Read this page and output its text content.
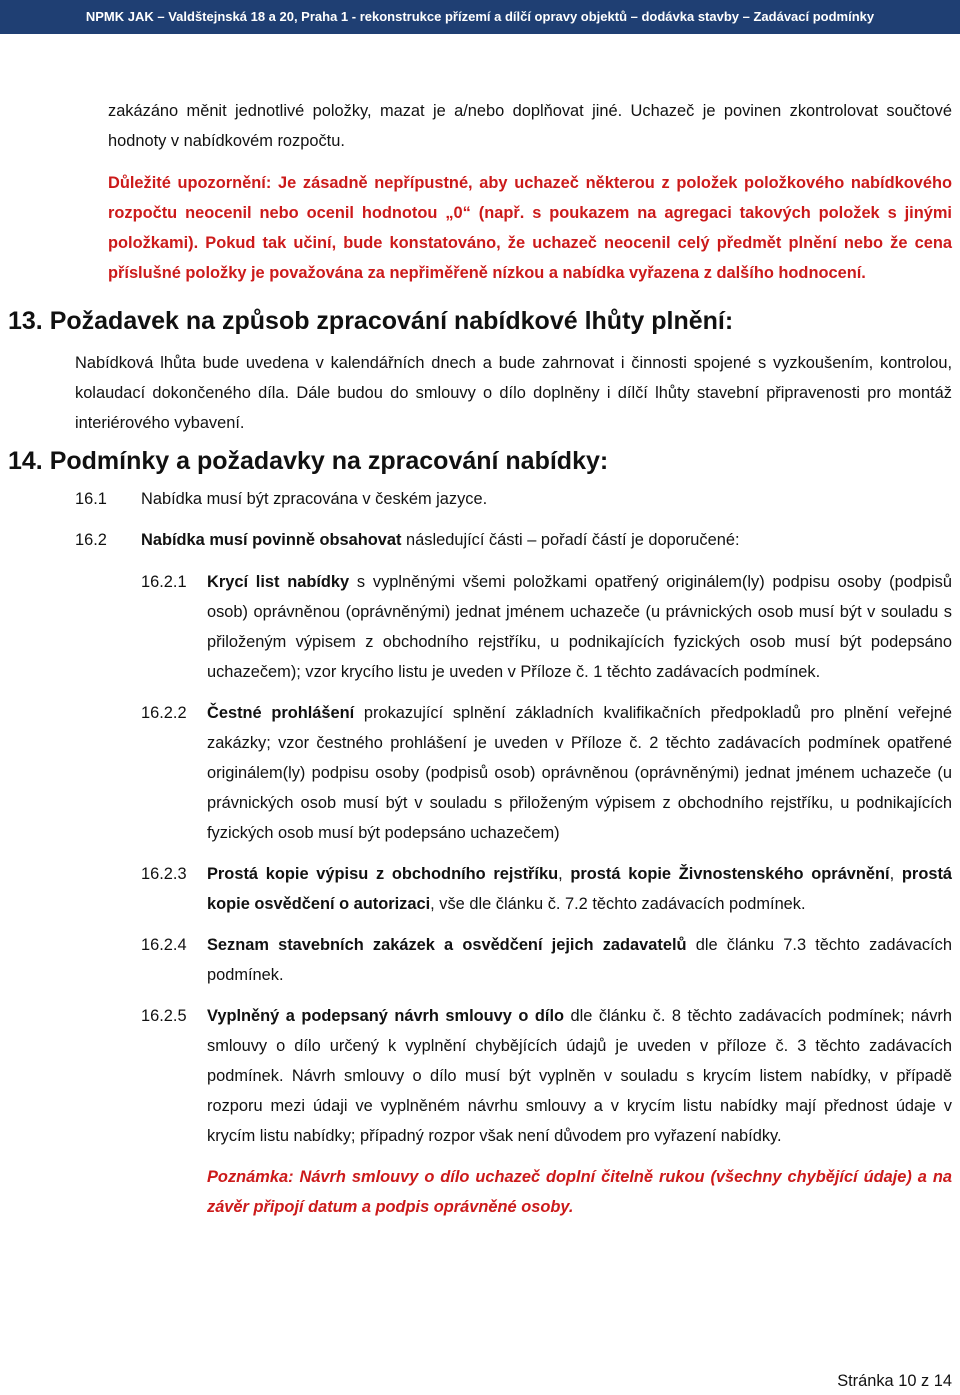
NPMK JAK – Valdštejnská 18 a 20, Praha 1 - rekonstrukce přízemí a dílčí opravy objektů – dodávka stavby – Zadávací podmínky

zakázáno měnit jednotlivé položky, mazat je a/nebo doplňovat jiné. Uchazeč je povinen zkontrolovat součtové hodnoty v nabídkovém rozpočtu.

Důležité upozornění: Je zásadně nepřípustné, aby uchazeč některou z položek položkového nabídkového rozpočtu neocenil nebo ocenil hodnotou „0“ (např. s poukazem na agregaci takových položek s jinými položkami). Pokud tak učiní, bude konstatováno, že uchazeč neocenil celý předmět plnění nebo že cena příslušné položky je považována za nepřiměřeně nízkou a nabídka vyřazena z dalšího hodnocení.

13. Požadavek na způsob zpracování nabídkové lhůty plnění:

Nabídková lhůta bude uvedena v kalendářních dnech a bude zahrnovat i činnosti spojené s vyzkoušením, kontrolou, kolaudací dokončeného díla. Dále budou do smlouvy o dílo doplněny i dílčí lhůty stavební připravenosti pro montáž interiérového vybavení.

14. Podmínky a požadavky na zpracování nabídky:
16.1	Nabídka musí být zpracována v českém jazyce.
16.2	Nabídka musí povinně obsahovat následující části – pořadí částí je doporučené:
16.2.1	Krycí list nabídky s vyplněnými všemi položkami opatřený originálem(ly) podpisu osoby (podpisů osob) oprávněnou (oprávněnými) jednat jménem uchazeče (u právnických osob musí být v souladu s přiloženým výpisem z obchodního rejstříku, u podnikajících fyzických osob musí být podepsáno uchazečem); vzor krycího listu je uveden v Příloze č. 1 těchto zadávacích podmínek.
16.2.2	Čestné prohlášení prokazující splnění základních kvalifikačních předpokladů pro plnění veřejné zakázky; vzor čestného prohlášení je uveden v Příloze č. 2 těchto zadávacích podmínek opatřené originálem(ly) podpisu osoby (podpisů osob) oprávněnou (oprávněnými) jednat jménem uchazeče (u právnických osob musí být v souladu s přiloženým výpisem z obchodního rejstříku, u podnikajících fyzických osob musí být podepsáno uchazečem)
16.2.3	Prostá kopie výpisu z obchodního rejstříku, prostá kopie Živnostenského oprávnění, prostá kopie osvědčení o autorizaci, vše dle článku č. 7.2 těchto zadávacích podmínek.
16.2.4	Seznam stavebních zakázek a osvědčení jejich zadavatelů dle článku 7.3 těchto zadávacích podmínek.
16.2.5	Vyplněný a podepsaný návrh smlouvy o dílo dle článku č. 8 těchto zadávacích podmínek; návrh smlouvy o dílo určený k vyplnění chybějících údajů je uveden v příloze č. 3 těchto zadávacích podmínek. Návrh smlouvy o dílo musí být vyplněn v souladu s krycím listem nabídky, v případě rozporu mezi údaji ve vyplněném návrhu smlouvy a v krycím listu nabídky mají přednost údaje v krycím listu nabídky; případný rozpor však není důvodem pro vyřazení nabídky.

Poznámka: Návrh smlouvy o dílo uchazeč doplní čitelně rukou (všechny chybějící údaje) a na závěr připojí datum a podpis oprávněné osoby.

Stránka 10 z 14
